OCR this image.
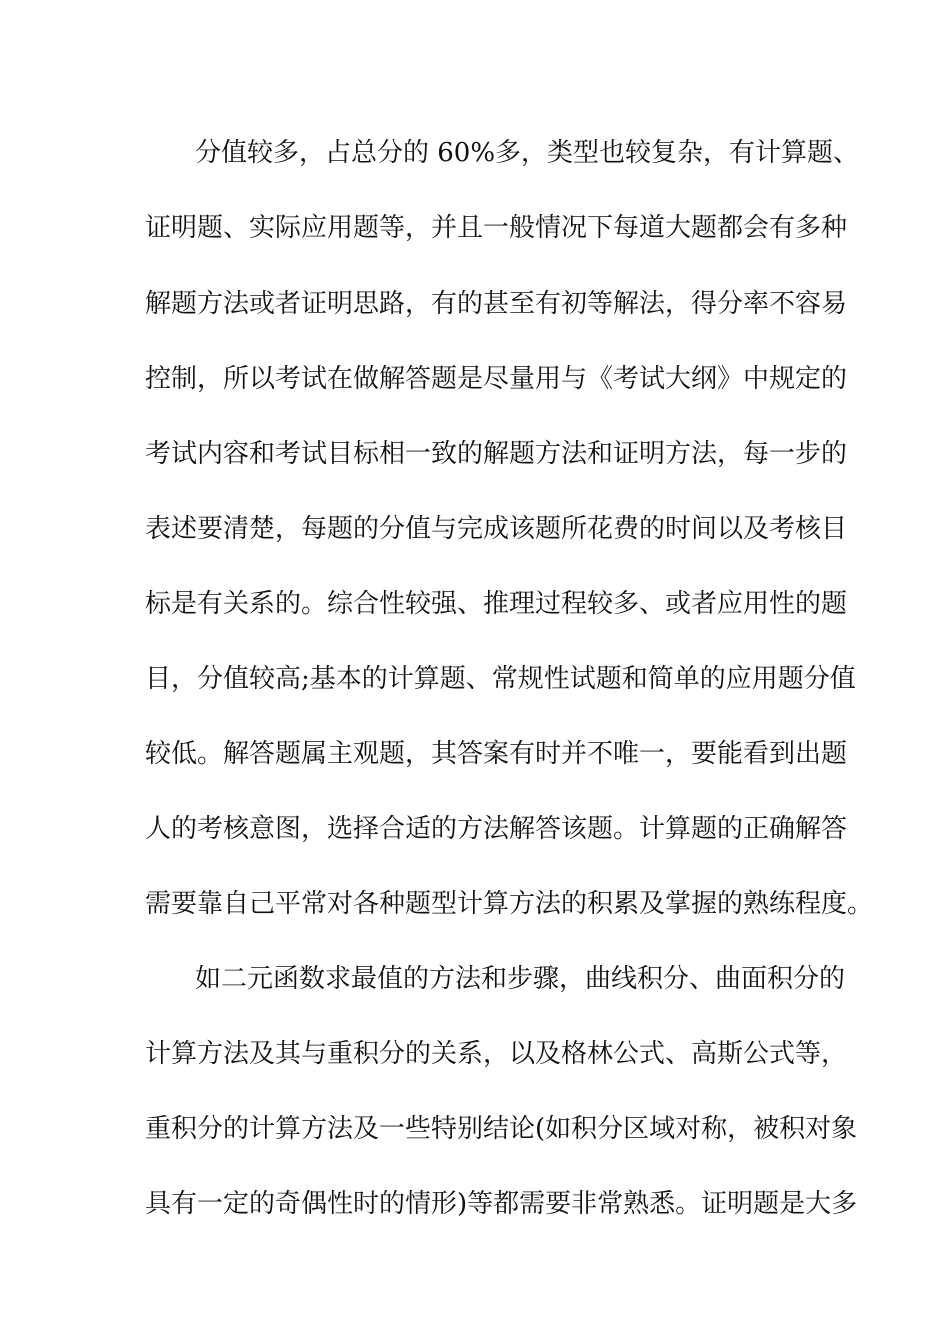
分值较多，占总分的 60%多，类型也较复杂，有计算题、
证明题、实际应用题等，并且一般情况下每道大题都会有多种
解题方法或者证明思路，有的甚至有初等解法，得分率不容易
控制，所以考试在做解答题是尽量用与《考试大纲》中规定的
考试内容和考试目标相一致的解题方法和证明方法，每一步的
表述要清楚，每题的分值与完成该题所花费的时间以及考核目
标是有关系的。综合性较强、推理过程较多、或者应用性的题
目，分值较高;基本的计算题、常规性试题和简单的应用题分值
较低。解答题属主观题，其答案有时并不唯一，要能看到出题
人的考核意图，选择合适的方法解答该题。计算题的正确解答
需要靠自己平常对各种题型计算方法的积累及掌握的熟练程度。
如二元函数求最值的方法和步骤，曲线积分、曲面积分的
计算方法及其与重积分的关系，以及格林公式、高斯公式等，
重积分的计算方法及一些特别结论(如积分区域对称，被积对象
具有一定的奇偶性时的情形)等都需要非常熟悉。证明题是大多
